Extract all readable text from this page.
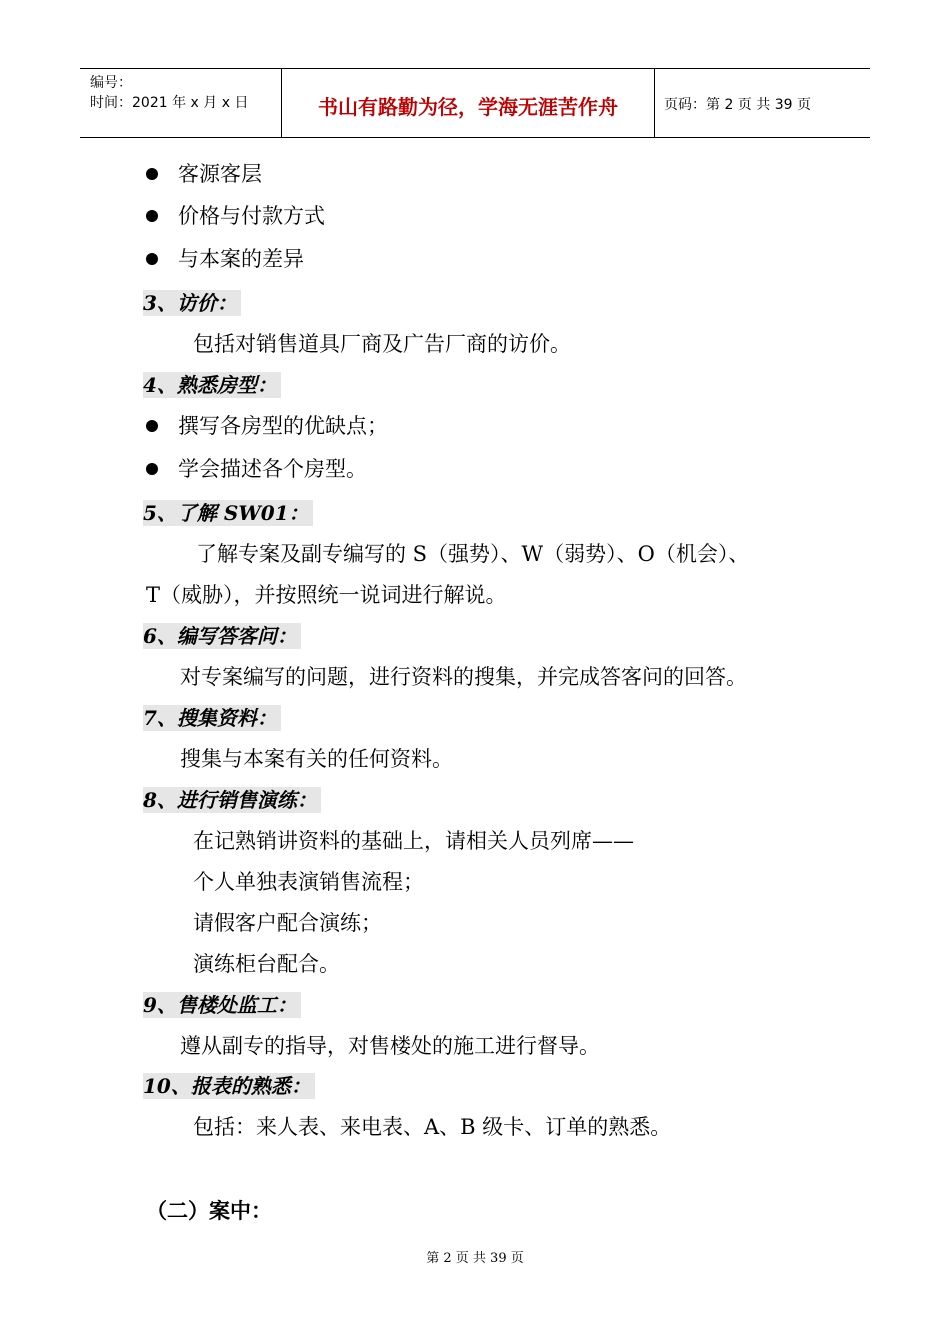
编号：
时间：2021 年 x 月 x 日	书山有路勤为径，学海无涯苦作舟	页码：第 2 页 共 39 页
客源客层
价格与付款方式
与本案的差异
3、访价：
包括对销售道具厂商及广告厂商的访价。
4、熟悉房型：
撰写各房型的优缺点；
学会描述各个房型。
5、了解 SW01：
了解专案及副专编写的 S（强势）、W（弱势）、O（机会）、
T（威胁），并按照统一说词进行解说。
6、编写答客问：
对专案编写的问题，进行资料的搜集，并完成答客问的回答。
7、搜集资料：
搜集与本案有关的任何资料。
8、进行销售演练：
在记熟销讲资料的基础上，请相关人员列席——
个人单独表演销售流程；
请假客户配合演练；
演练柜台配合。
9、售楼处监工：
遵从副专的指导，对售楼处的施工进行督导。
10、报表的熟悉：
包括：来人表、来电表、A、B 级卡、订单的熟悉。
（二）案中：
第 2 页 共 39 页
